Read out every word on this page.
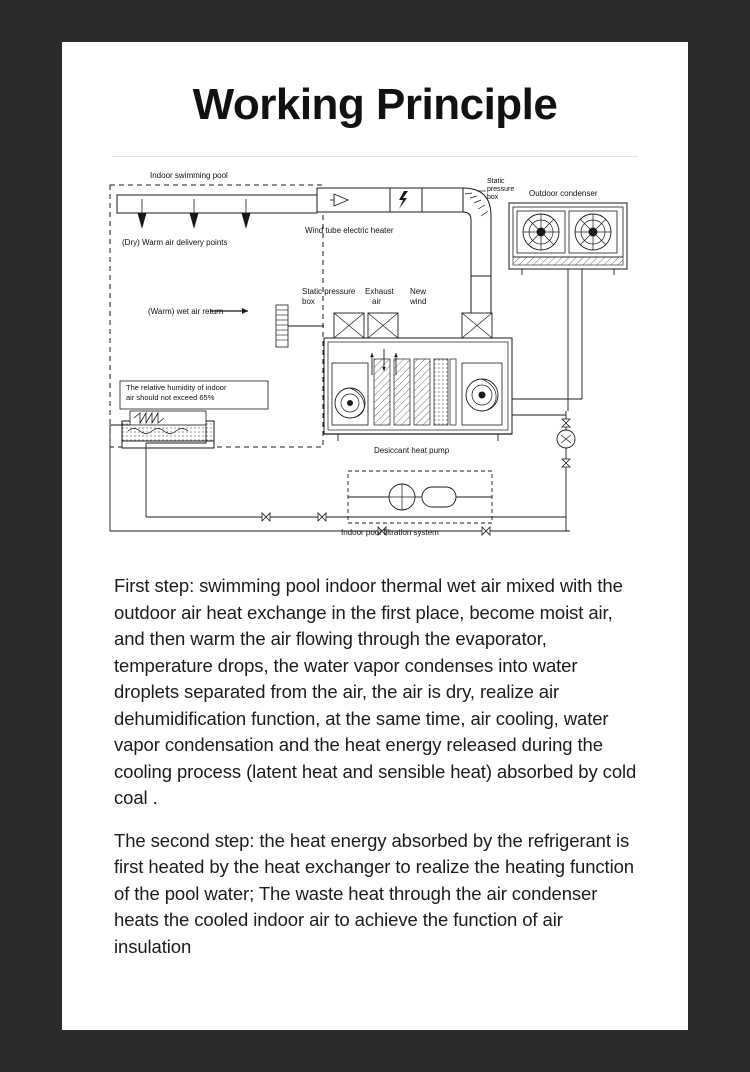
Working Principle
Indoor swimming pool
(Dry) Warm air delivery points
(Warm) wet air return
Wind tube electric heater
Static
pressure
box	Outdoor condenser
Static pressure
box
Exhaust
air
New
wind
Desiccant heat pump
Indoor pool filtration system
The relative humidity of indoor
air should not exceed 65%

First step: swimming pool indoor thermal wet air mixed with the outdoor air heat exchange in the first place, become moist air, and then warm the air flowing through the evaporator, temperature drops, the water vapor condenses into water droplets separated from the air, the air is dry, realize air dehumidification function, at the same time, air cooling, water vapor condensation and the heat energy released during the cooling process (latent heat and sensible heat) absorbed by cold coal .

The second step: the heat energy absorbed by the refrigerant is first heated by the heat exchanger to realize the heating function of the pool water; The waste heat through the air condenser heats the cooled indoor air to achieve the function of air insulation
